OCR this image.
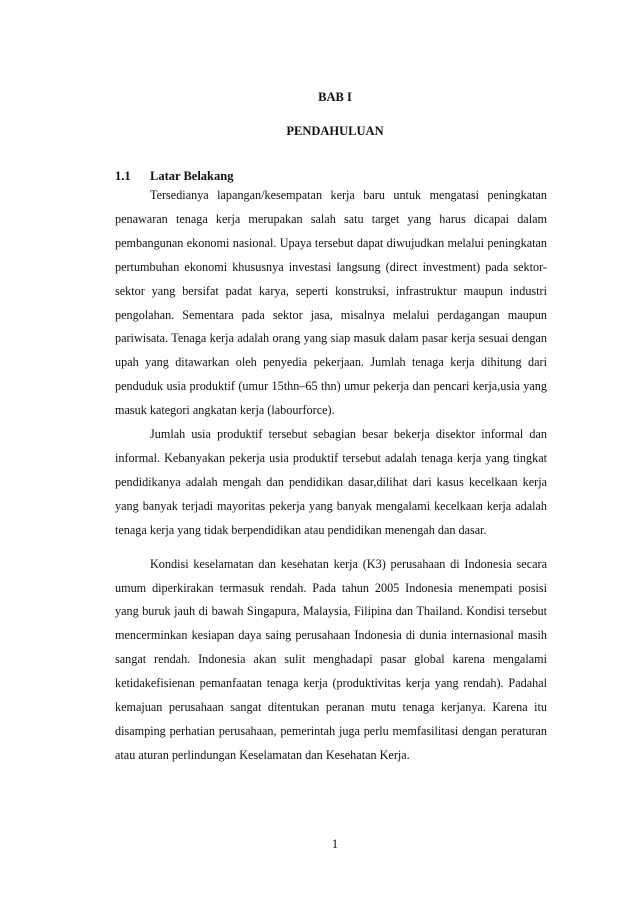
BAB I
PENDAHULUAN
1.1 Latar Belakang

Tersedianya lapangan/kesempatan kerja baru untuk mengatasi peningkatan penawaran tenaga kerja merupakan salah satu target yang harus dicapai dalam pembangunan ekonomi nasional. Upaya tersebut dapat diwujudkan melalui peningkatan pertumbuhan ekonomi khususnya investasi langsung (direct investment) pada sektor-sektor yang bersifat padat karya, seperti konstruksi, infrastruktur maupun industri pengolahan. Sementara pada sektor jasa, misalnya melalui perdagangan maupun pariwisata. Tenaga kerja adalah orang yang siap masuk dalam pasar kerja sesuai dengan upah yang ditawarkan oleh penyedia pekerjaan. Jumlah tenaga kerja dihitung dari penduduk usia produktif (umur 15thn–65 thn) umur pekerja dan pencari kerja,usia yang masuk kategori angkatan kerja (labourforce).

Jumlah usia produktif tersebut sebagian besar bekerja disektor informal dan informal. Kebanyakan pekerja usia produktif tersebut adalah tenaga kerja yang tingkat pendidikanya adalah mengah dan pendidikan dasar,dilihat dari kasus kecelkaan kerja yang banyak terjadi mayoritas pekerja yang banyak mengalami kecelkaan kerja adalah tenaga kerja yang tidak berpendidikan atau pendidikan menengah dan dasar.

Kondisi keselamatan dan kesehatan kerja (K3) perusahaan di Indonesia secara umum diperkirakan termasuk rendah. Pada tahun 2005 Indonesia menempati posisi yang buruk jauh di bawah Singapura, Malaysia, Filipina dan Thailand. Kondisi tersebut mencerminkan kesiapan daya saing perusahaan Indonesia di dunia internasional masih sangat rendah. Indonesia akan sulit menghadapi pasar global karena mengalami ketidakefisienan pemanfaatan tenaga kerja (produktivitas kerja yang rendah). Padahal kemajuan perusahaan sangat ditentukan peranan mutu tenaga kerjanya. Karena itu disamping perhatian perusahaan, pemerintah juga perlu memfasilitasi dengan peraturan atau aturan perlindungan Keselamatan dan Kesehatan Kerja.

1
